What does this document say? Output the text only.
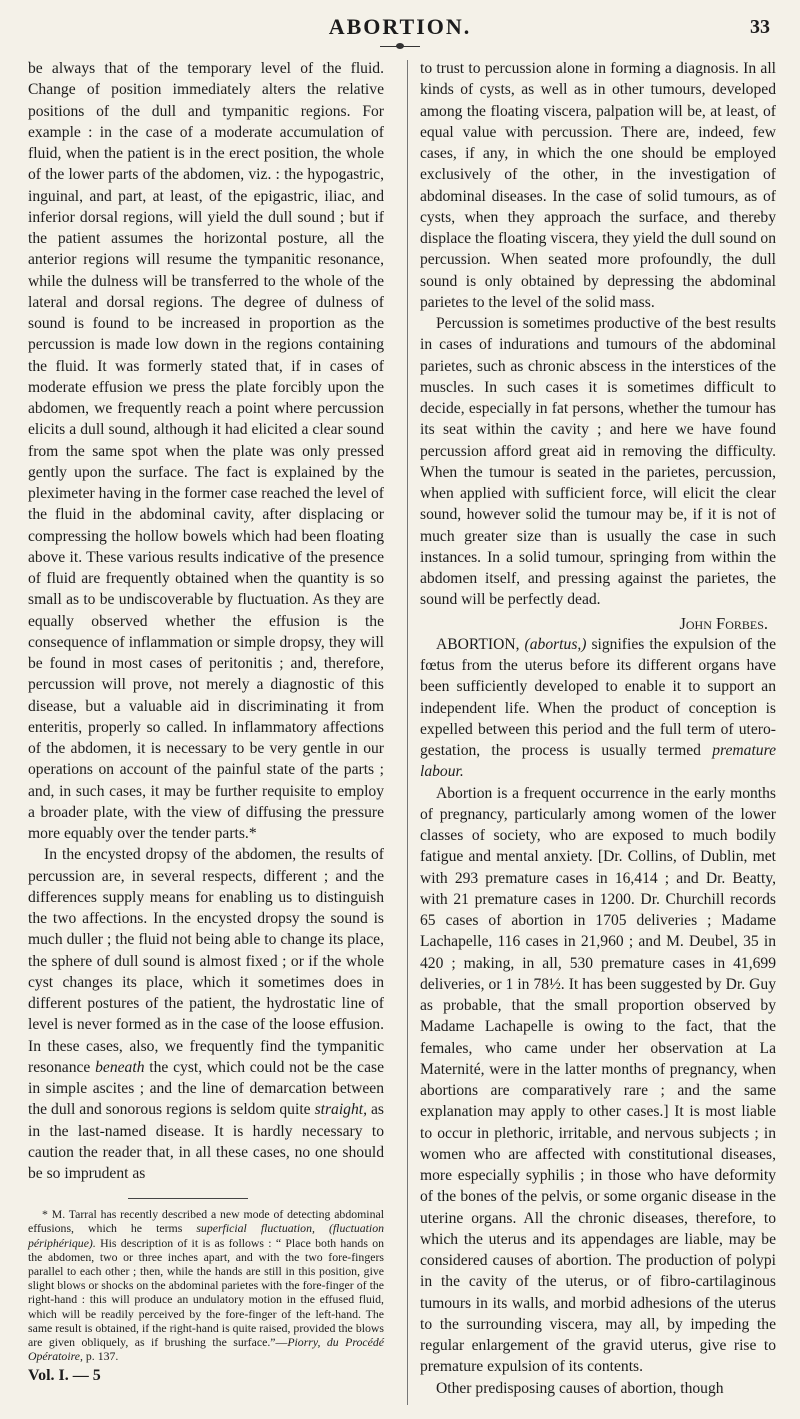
ABORTION.	33

be always that of the temporary level of the fluid. Change of position immediately alters the relative positions of the dull and tympanitic regions. For example : in the case of a moderate accumulation of fluid, when the patient is in the erect position, the whole of the lower parts of the abdomen, viz. : the hypogastric, inguinal, and part, at least, of the epigastric, iliac, and inferior dorsal regions, will yield the dull sound ; but if the patient assumes the horizontal posture, all the anterior regions will resume the tympanitic resonance, while the dulness will be transferred to the whole of the lateral and dorsal regions. The degree of dulness of sound is found to be increased in proportion as the percussion is made low down in the regions containing the fluid. It was formerly stated that, if in cases of moderate effusion we press the plate forcibly upon the abdomen, we frequently reach a point where percussion elicits a dull sound, although it had elicited a clear sound from the same spot when the plate was only pressed gently upon the surface. The fact is explained by the pleximeter having in the former case reached the level of the fluid in the abdominal cavity, after displacing or compressing the hollow bowels which had been floating above it. These various results indicative of the presence of fluid are frequently obtained when the quantity is so small as to be undiscoverable by fluctuation. As they are equally observed whether the effusion is the consequence of inflammation or simple dropsy, they will be found in most cases of peritonitis ; and, therefore, percussion will prove, not merely a diagnostic of this disease, but a valuable aid in discriminating it from enteritis, properly so called. In inflammatory affections of the abdomen, it is necessary to be very gentle in our operations on account of the painful state of the parts ; and, in such cases, it may be further requisite to employ a broader plate, with the view of diffusing the pressure more equably over the tender parts.*

In the encysted dropsy of the abdomen, the results of percussion are, in several respects, different ; and the differences supply means for enabling us to distinguish the two affections. In the encysted dropsy the sound is much duller ; the fluid not being able to change its place, the sphere of dull sound is almost fixed ; or if the whole cyst changes its place, which it sometimes does in different postures of the patient, the hydrostatic line of level is never formed as in the case of the loose effusion. In these cases, also, we frequently find the tympanitic resonance beneath the cyst, which could not be the case in simple ascites ; and the line of demarcation between the dull and sonorous regions is seldom quite straight, as in the last-named disease. It is hardly necessary to caution the reader that, in all these cases, no one should be so imprudent as

* M. Tarral has recently described a new mode of detecting abdominal effusions, which he terms superficial fluctuation, (fluctuation périphérique). His description of it is as follows : “ Place both hands on the abdomen, two or three inches apart, and with the two fore-fingers parallel to each other ; then, while the hands are still in this position, give slight blows or shocks on the abdominal parietes with the fore-finger of the right-hand : this will produce an undulatory motion in the effused fluid, which will be readily perceived by the fore-finger of the left-hand. The same result is obtained, if the right-hand is quite raised, provided the blows are given obliquely, as if brushing the surface.”—Piorry, du Procédé Opératoire, p. 137.

Vol. I. — 5

to trust to percussion alone in forming a diagnosis. In all kinds of cysts, as well as in other tumours, developed among the floating viscera, palpation will be, at least, of equal value with percussion. There are, indeed, few cases, if any, in which the one should be employed exclusively of the other, in the investigation of abdominal diseases. In the case of solid tumours, as of cysts, when they approach the surface, and thereby displace the floating viscera, they yield the dull sound on percussion. When seated more profoundly, the dull sound is only obtained by depressing the abdominal parietes to the level of the solid mass.

Percussion is sometimes productive of the best results in cases of indurations and tumours of the abdominal parietes, such as chronic abscess in the interstices of the muscles. In such cases it is sometimes difficult to decide, especially in fat persons, whether the tumour has its seat within the cavity ; and here we have found percussion afford great aid in removing the difficulty. When the tumour is seated in the parietes, percussion, when applied with sufficient force, will elicit the clear sound, however solid the tumour may be, if it is not of much greater size than is usually the case in such instances. In a solid tumour, springing from within the abdomen itself, and pressing against the parietes, the sound will be perfectly dead.

John Forbes.

ABORTION, (abortus,) signifies the expulsion of the fœtus from the uterus before its different organs have been sufficiently developed to enable it to support an independent life. When the product of conception is expelled between this period and the full term of utero-gestation, the process is usually termed premature labour.

Abortion is a frequent occurrence in the early months of pregnancy, particularly among women of the lower classes of society, who are exposed to much bodily fatigue and mental anxiety. [Dr. Collins, of Dublin, met with 293 premature cases in 16,414 ; and Dr. Beatty, with 21 premature cases in 1200. Dr. Churchill records 65 cases of abortion in 1705 deliveries ; Madame Lachapelle, 116 cases in 21,960 ; and M. Deubel, 35 in 420 ; making, in all, 530 premature cases in 41,699 deliveries, or 1 in 78½. It has been suggested by Dr. Guy as probable, that the small proportion observed by Madame Lachapelle is owing to the fact, that the females, who came under her observation at La Maternité, were in the latter months of pregnancy, when abortions are comparatively rare ; and the same explanation may apply to other cases.] It is most liable to occur in plethoric, irritable, and nervous subjects ; in women who are affected with constitutional diseases, more especially syphilis ; in those who have deformity of the bones of the pelvis, or some organic disease in the uterine organs. All the chronic diseases, therefore, to which the uterus and its appendages are liable, may be considered causes of abortion. The production of polypi in the cavity of the uterus, or of fibro-cartilaginous tumours in its walls, and morbid adhesions of the uterus to the surrounding viscera, may all, by impeding the regular enlargement of the gravid uterus, give rise to premature expulsion of its contents.

Other predisposing causes of abortion, though
